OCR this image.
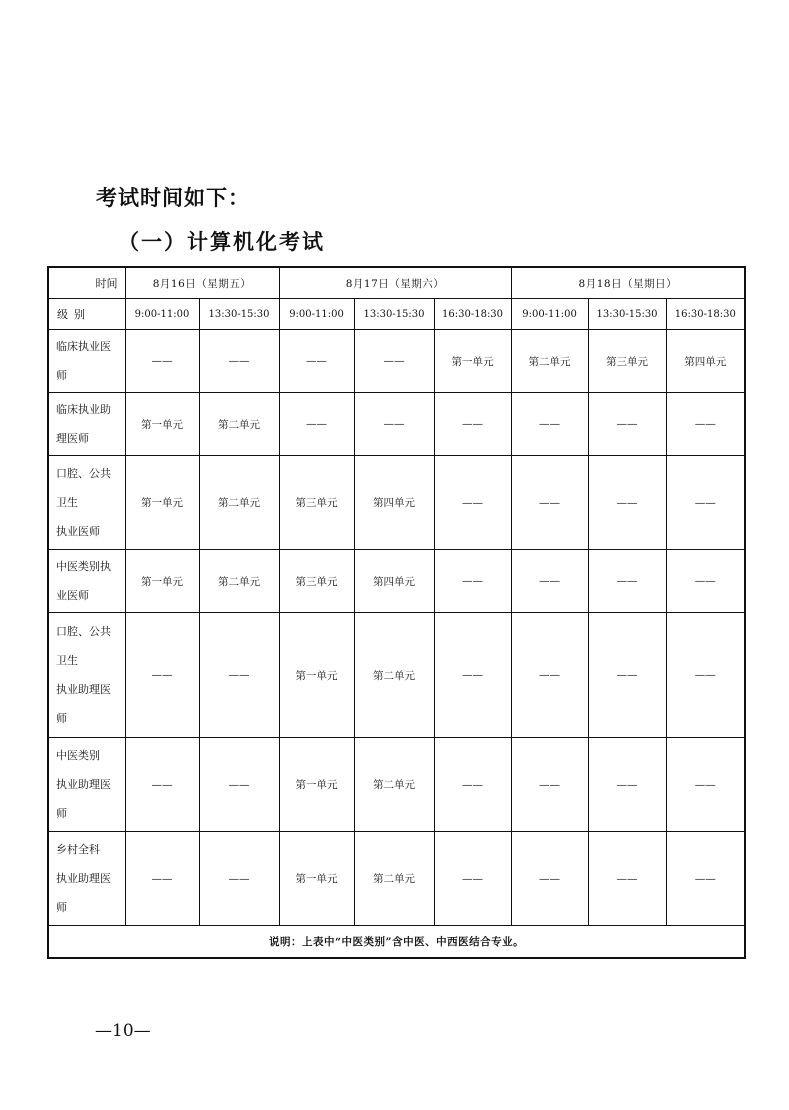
考试时间如下：
（一）计算机化考试
时间	8月16日（星期五）		8月17日（星期六）			8月18日（星期日）		
级别	9:00-11:00	13:30-15:30	9:00-11:00	13:30-15:30	16:30-18:30	9:00-11:00	13:30-15:30	16:30-18:30

临床执业医
师	——	——	——	——	第一单元	第二单元	第三单元	第四单元

临床执业助
理医师	第一单元	第二单元	——	——	——	——	——	——

口腔、公共
卫生
执业医师	第一单元	第二单元	第三单元	第四单元	——	——	——	——

中医类别执
业医师	第一单元	第二单元	第三单元	第四单元	——	——	——	——

口腔、公共
卫生
执业助理医
师	——	——	第一单元	第二单元	——	——	——	——

中医类别
执业助理医
师	——	——	第一单元	第二单元	——	——	——	——

乡村全科
执业助理医
师	——	——	第一单元	第二单元	——	——	——	——
说明：上表中“中医类别”含中医、中西医结合专业。								
—10—
